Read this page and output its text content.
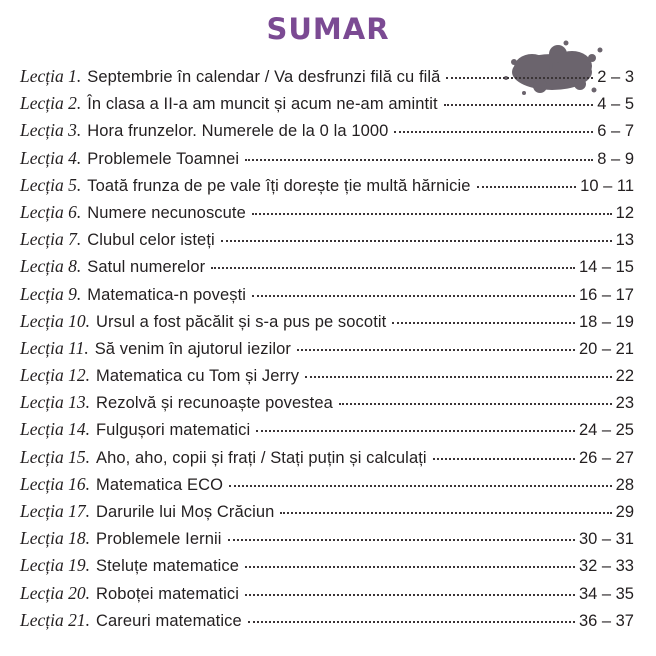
SUMAR
Lecția 1. Septembrie în calendar / Va desfrunzi filă cu filă	2 – 3
Lecția 2. În clasa a II-a am muncit și acum ne-am amintit	4 – 5
Lecția 3. Hora frunzelor. Numerele de la 0 la 1000	6 – 7
Lecția 4. Problemele Toamnei	8 – 9
Lecția 5. Toată frunza de pe vale îți dorește ție multă hărnicie	10 – 11
Lecția 6. Numere necunoscute	12
Lecția 7. Clubul celor isteți	13
Lecția 8. Satul numerelor	14 – 15
Lecția 9. Matematica-n povești	16 – 17
Lecția 10. Ursul a fost păcălit și s-a pus pe socotit	18 – 19
Lecția 11. Să venim în ajutorul iezilor	20 – 21
Lecția 12. Matematica cu Tom și Jerry	22
Lecția 13. Rezolvă și recunoaște povestea	23
Lecția 14. Fulgușori matematici	24 – 25
Lecția 15. Aho, aho, copii și frați / Stați puțin și calculați	26 – 27
Lecția 16. Matematica ECO	28
Lecția 17. Darurile lui Moș Crăciun	29
Lecția 18. Problemele Iernii	30 – 31
Lecția 19. Steluțe matematice	32 – 33
Lecția 20. Roboței matematici	34 – 35
Lecția 21. Careuri matematice	36 – 37
